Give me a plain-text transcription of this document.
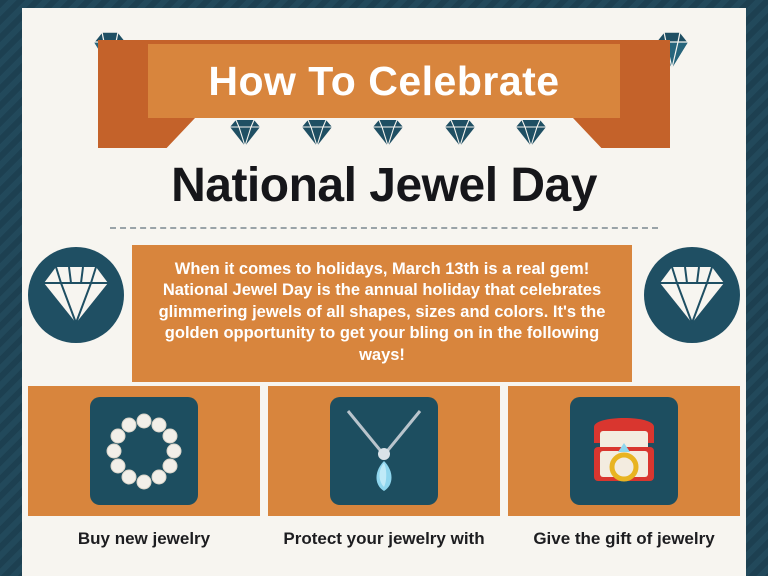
How To Celebrate
National Jewel Day

When it comes to holidays, March 13th is a real gem! National Jewel Day is the annual holiday that celebrates glimmering jewels of all shapes, sizes and colors. It's the golden opportunity to get your bling on in the following ways!

Buy new jewelry	Protect your jewelry with	Give the gift of jewelry
